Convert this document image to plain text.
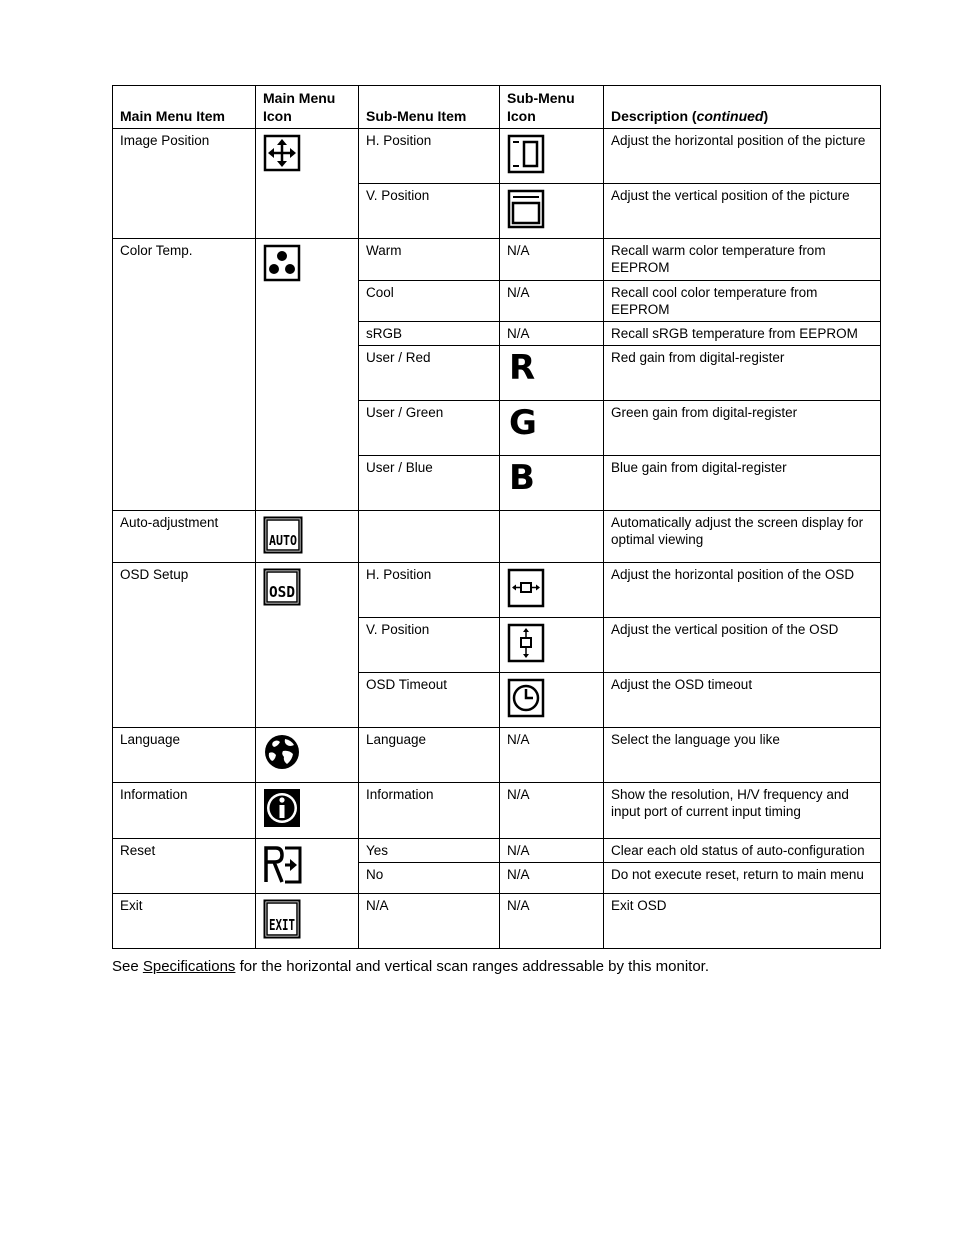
Main Menu Item	Main Menu Icon	Sub-Menu Item	Sub-Menu Icon	Description (continued)
Image Position		H. Position		Adjust the horizontal position of the picture
		V. Position		Adjust the vertical position of the picture
Color Temp.		Warm	N/A	Recall warm color temperature from EEPROM
		Cool	N/A	Recall cool color temperature from EEPROM
		sRGB	N/A	Recall sRGB temperature from EEPROM
		User / Red	R	Red gain from digital-register
		User / Green	G	Green gain from digital-register
		User / Blue	B	Blue gain from digital-register
Auto-adjustment	AUTO			Automatically adjust the screen display for optimal viewing
OSD Setup	OSD	H. Position		Adjust the horizontal position of the OSD
		V. Position		Adjust the vertical position of the OSD
		OSD Timeout		Adjust the OSD timeout
Language		Language	N/A	Select the language you like
Information		Information	N/A	Show the resolution, H/V frequency and input port of current input timing
Reset		Yes	N/A	Clear each old status of auto-configuration
		No	N/A	Do not execute reset, return to main menu
Exit	EXIT	N/A	N/A	Exit OSD
See Specifications for the horizontal and vertical scan ranges addressable by this monitor.
